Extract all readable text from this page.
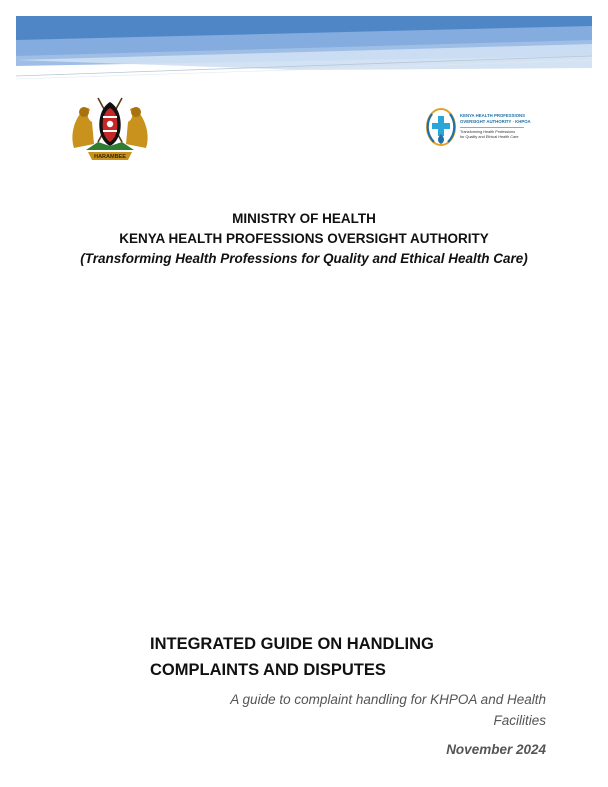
HARAMBEE
KENYA HEALTH PROFESSIONS
OVERSIGHT AUTHORITY · KHPOA
Transforming Health Professions
for Quality and Ethical Health Care
MINISTRY OF HEALTH
KENYA HEALTH PROFESSIONS OVERSIGHT AUTHORITY
(Transforming Health Professions for Quality and Ethical Health Care)
INTEGRATED GUIDE ON HANDLING
COMPLAINTS AND DISPUTES
A guide to complaint handling for KHPOA and Health
Facilities
November 2024
